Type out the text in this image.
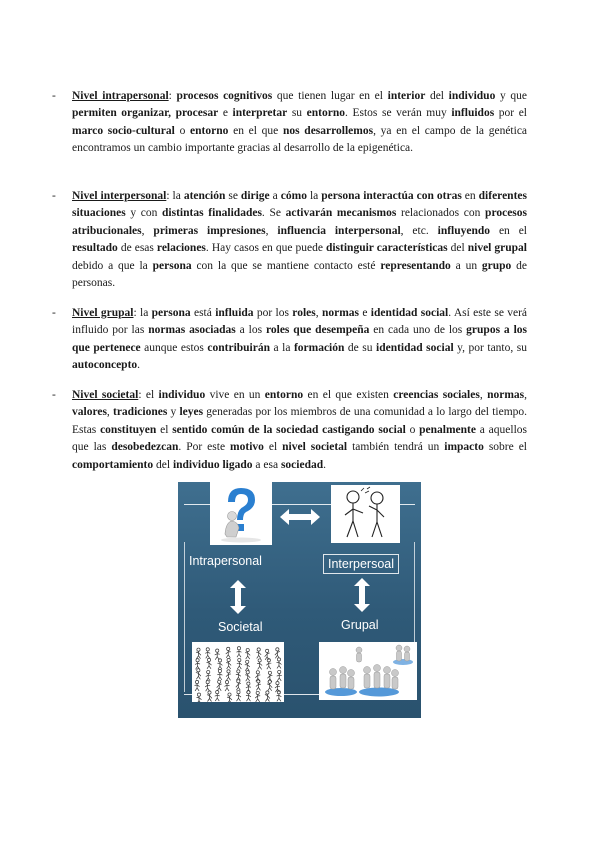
- Nivel intrapersonal: procesos cognitivos que tienen lugar en el interior del individuo y que permiten organizar, procesar e interpretar su entorno. Estos se verán muy influidos por el marco socio-cultural o entorno en el que nos desarrollemos, ya en el campo de la genética encontramos un cambio importante gracias al desarrollo de la epigenética.
- Nivel interpersonal: la atención se dirige a cómo la persona interactúa con otras en diferentes situaciones y con distintas finalidades. Se activarán mecanismos relacionados con procesos atribucionales, primeras impresiones, influencia interpersonal, etc. influyendo en el resultado de esas relaciones. Hay casos en que puede distinguir características del nivel grupal debido a que la persona con la que se mantiene contacto esté representando a un grupo de personas.
- Nivel grupal: la persona está influida por los roles, normas e identidad social. Así este se verá influido por las normas asociadas a los roles que desempeña en cada uno de los grupos a los que pertenece aunque estos contribuirán a la formación de su identidad social y, por tanto, su autoconcepto.
- Nivel societal: el individuo vive en un entorno en el que existen creencias sociales, normas, valores, tradiciones y leyes generadas por los miembros de una comunidad a lo largo del tiempo. Estas constituyen el sentido común de la sociedad castigando social o penalmente a aquellos que las desobedezcan. Por este motivo el nivel societal también tendrá un impacto sobre el comportamiento del individuo ligado a esa sociedad.
Intrapersonal	Interpersoal
Societal	Grupal
